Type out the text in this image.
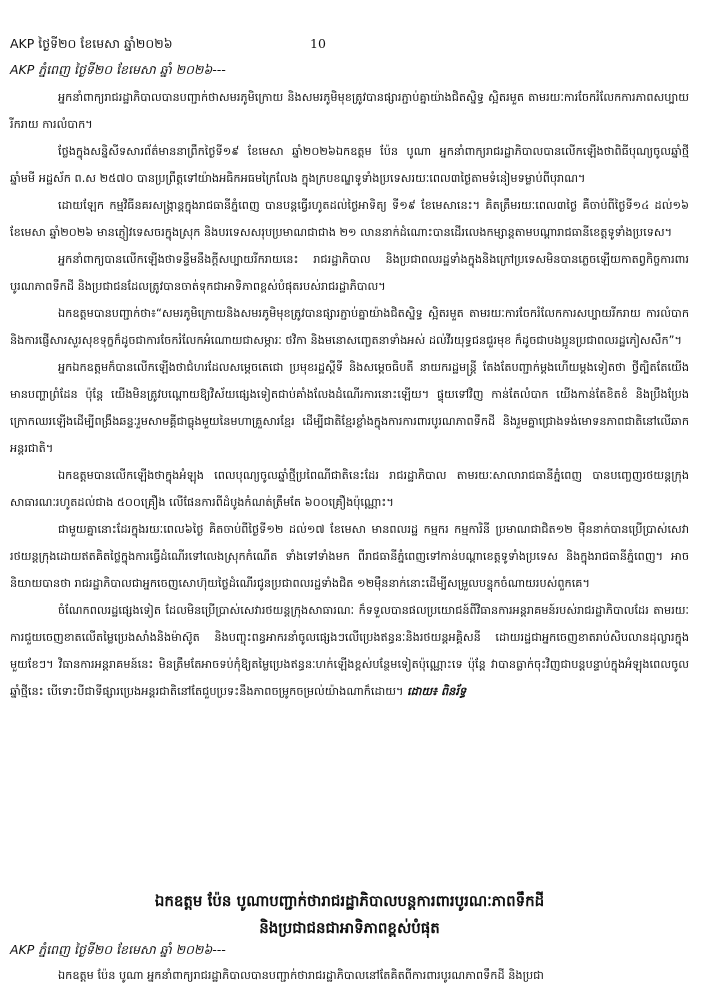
AKP ថ្ងៃទី២០ ខែមេសា ឆ្នាំ២០២៦	10
AKP ភ្នំពេញ ថ្ងៃទី២០ ខែមេសា ឆ្នាំ ២០២៦---

អ្នកនាំពាក្យរាជរដ្ឋាភិបាលបានបញ្ជាក់ថាសមរភូមិក្រោយ និងសមរភូមិមុខត្រូវបានផ្សារភ្ជាប់គ្នាយ៉ាងជិតស្និទ្ធ ស្អិតរមួត តាមរយៈការចែករំលែកការភាពសប្បាយរីករាយ ការលំបាក។

ថ្លែងក្នុងសន្និសីទសារព័ត៌មាននាព្រឹកថ្ងៃទី១៩ ខែមេសា ឆ្នាំ២០២៦ឯកឧត្តម ប៉ែន បូណា អ្នកនាំពាក្យរាជរដ្ឋាភិបាលបានលើកឡើងថាពិធីបុណ្យចូលឆ្នាំថ្មី ឆ្នាំមមី អដ្ឋស័ក ព.ស ២៥៧០ បានប្រព្រឹត្តទៅយ៉ាងអធិកអធមក្រៃលែង ក្នុងក្របខណ្ឌទូទាំងប្រទេសរយៈពេល៣ថ្ងៃតាមទំនៀមទម្លាប់ពីបុរាណ។

ដោយឡែក កម្មវិធីនគរសង្ក្រាន្តក្នុងរាជធានីភ្នំពេញ បានបន្តធ្វើរហូតដល់ថ្ងៃអាទិត្យ ទី១៩ ខែមេសានេះ។ គិតត្រឹមរយៈពេល៣ថ្ងៃ គឺចាប់ពីថ្ងៃទី១៤ ដល់១៦ ខែមេសា ឆ្នាំ២០២៦ មានភ្ញៀវទេសចរក្នុងស្រុក និងបរទេសសរុបប្រមាណជាជាង ២១ លាននាក់ដំណោះបានដើរលេងកម្សាន្តតាមបណ្តារាជធានីខេត្តទូទាំងប្រទេស។

អ្នកនាំពាក្យបានលើកឡើងថាទន្ទឹមនឹងក្តីសប្បាយរីករាយនេះ រាជរដ្ឋាភិបាល និងប្រជាពលរដ្ឋទាំងក្នុងនិងក្រៅប្រទេសមិនបានភ្លេចឡើយកាតព្វកិច្ចការពារបូរណភាពទឹកដី និងប្រជាជនដែលត្រូវបានចាត់ទុកជាអាទិភាពខ្ពស់បំផុតរបស់រាជរដ្ឋាភិបាល។

ឯកឧត្តមបានបញ្ជាក់ថា៖“សមរភូមិក្រោយនិងសមរភូមិមុខត្រូវបានផ្សារភ្ជាប់គ្នាយ៉ាងជិតស្និទ្ធ ស្អិតរមួត តាមរយៈការចែករំលែកការសប្បាយរីករាយ ការលំបាក និងការផ្ញើសារសួរសុខទុក្ខក៏ដូចជាការចែករំលែកអំណោយជាសម្ភារៈ ថវិកា និងមនោសញ្ចេតនាទាំងអស់ ដល់វីរយុទ្ធជនជួរមុខ ក៏ដូចជាបងប្អូនប្រជាពលរដ្ឋភៀសសឹក”។

អ្នកឯកឧត្តមក៏បានលើកឡើងថាជំហរដែលសម្តេចតេជោ ប្រមុខរដ្ឋស្តីទី និងសម្តេចធិបតី នាយករដ្ឋមន្ត្រី តែងតែបញ្ជាក់ម្តងហើយម្តងទៀតថា ថ្វីត្បិតតែយើងមានបញ្ហាព្រំដែន ប៉ុន្តែ យើងមិនត្រូវបណ្តោយឱ្យវិស័យផ្សេងទៀតជាប់គាំងលែងដំណើរការនោះឡើយ។ ផ្ទុយទៅវិញ កាន់តែលំបាក យើងកាន់តែខិតខំ និងប្រឹងប្រែងក្រោកឈរឡើងដើម្បីពង្រឹងឆន្ទៈរួមសាមគ្គីជាធ្លុងមួយនៃមហាគ្រួសារខ្មែរ ដើម្បីជាតិខ្មែរខ្លាំងក្នុងការការពារបូរណភាពទឹកដី និងរួមគ្នាជ្រោងទង់មោទនភាពជាតិនៅលើឆាកអន្តរជាតិ។

ឯកឧត្តមបានលើកឡើងថាក្នុងអំឡុង ពេលបុណ្យចូលឆ្នាំថ្មីប្រពៃណីជាតិនេះដែរ រាជរដ្ឋាភិបាល តាមរយៈសាលារាជធានីភ្នំពេញ បានបញ្ចេញរថយន្តក្រុងសាធារណៈរហូតដល់ជាង ៥០០គ្រឿង លើផែនការពីដំបូងកំណត់ត្រឹមតែ ៦០០គ្រឿងប៉ុណ្ណោះ។

ជាមួយគ្នានោះដែរក្នុងរយៈពេល៦ថ្ងៃ គិតចាប់ពីថ្ងៃទី១២ ដល់១៧ ខែមេសា មានពលរដ្ឋ កម្មករ កម្មការិនី ប្រមាណជាជិត១២ ម៉ឺននាក់បានប្រើប្រាស់សេវារថយន្តក្រុងដោយឥតគិតថ្លៃក្នុងការធ្វើដំណើរទៅលេងស្រុកកំណើត ទាំងទៅទាំងមក ពីរាជធានីភ្នំពេញទៅកាន់បណ្តាខេត្តទូទាំងប្រទេស និងក្នុងរាជធានីភ្នំពេញ។ អាចនិយាយបានថា រាជរដ្ឋាភិបាលជាអ្នកចេញសោហ៊ុយថ្លៃដំណើរជូនប្រជាពលរដ្ឋទាំងជិត ១២ម៉ឺននាក់នោះដើម្បីសម្រួលបន្ទុកចំណាយរបស់ពួកគេ។

ចំណែកពលរដ្ឋផ្សេងទៀត ដែលមិនប្រើប្រាស់សេវារថយន្តក្រុងសាធារណៈ ក៏ទទួលបានផលប្រយោជន៍ពីវិធានការអន្តរាគមន៍របស់រាជរដ្ឋាភិបាលដែរ តាមរយៈការជួយចេញខាតលើតម្លៃប្រេងសាំងនិងម៉ាស៊ូត និងបញ្ចុះពន្ធអាករនាំចូលផ្សេងៗលើប្រេងឥន្ធនៈនិងរថយន្តអគ្គិសនី ដោយរដ្ឋជាអ្នកចេញខាតរាប់សិបលានដុល្លារក្នុងមួយខែៗ។ វិធានការអន្តរាគមន៍នេះ មិនត្រឹមតែអាចទប់កុំឱ្យតម្លៃប្រេងឥន្ធនៈហក់ឡើងខ្ពស់បន្ថែមទៀតប៉ុណ្ណោះទេ ប៉ុន្តែ វាបានធ្លាក់ចុះវិញជាបន្តបន្ទាប់ក្នុងអំឡុងពេលចូលឆ្នាំថ្មីនេះ បើទោះបីជាទីផ្សារប្រេងអន្តរជាតិនៅតែជួបប្រទះនឹងភាពចម្រូកចម្រល់យ៉ាងណាក៏ដោយ។ ដោយ៖ ពិនរ័ទ្ធ

ឯកឧត្តម ប៉ែន បូណាបញ្ជាក់ថារាជរដ្ឋាភិបាលបន្តការពារបូរណៈភាពទឹកដី
និងប្រជាជនជាអាទិភាពខ្ពស់បំផុត
AKP ភ្នំពេញ ថ្ងៃទី២០ ខែមេសា ឆ្នាំ ២០២៦---

ឯកឧត្តម ប៉ែន បូណា អ្នកនាំពាក្យរាជរដ្ឋាភិបាលបានបញ្ជាក់ថារាជរដ្ឋាភិបាលនៅតែគិតពីការពារបូរណភាពទឹកដី និងប្រជា
